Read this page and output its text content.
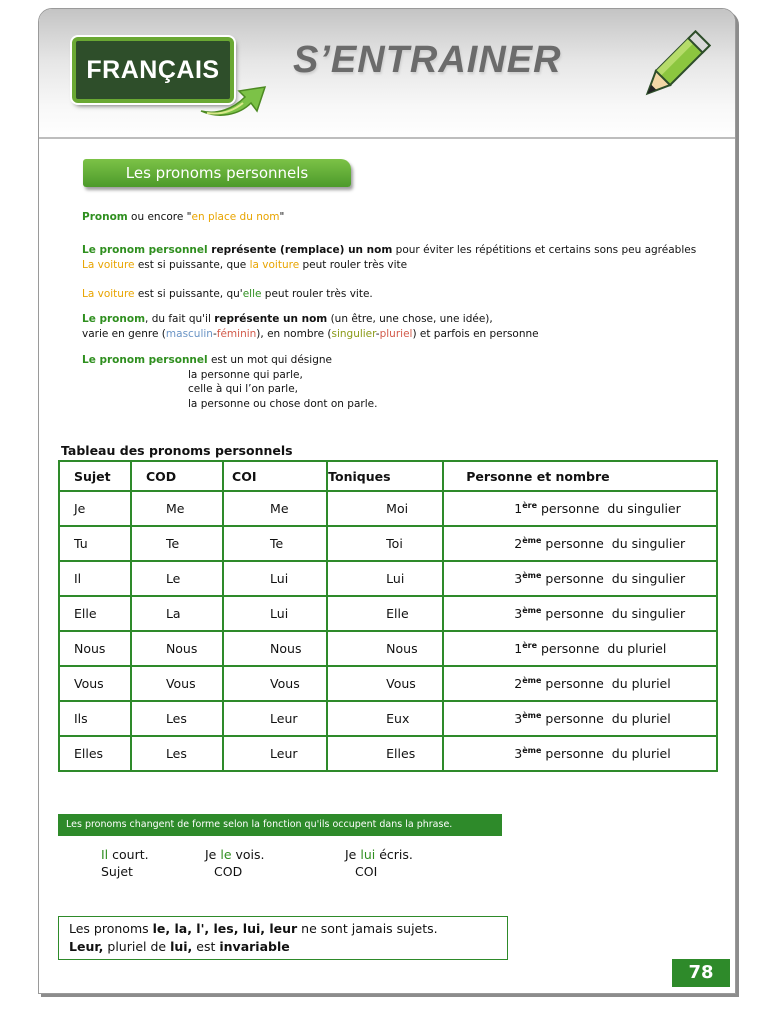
FRANÇAIS S’ENTRAINER
Les pronoms personnels
Pronom ou encore "en place du nom"
Le pronom personnel représente (remplace) un nom pour éviter les répétitions et certains sons peu agréables
La voiture est si puissante, que la voiture peut rouler très vite
La voiture est si puissante, qu'elle peut rouler très vite.
Le pronom, du fait qu'il représente un nom (un être, une chose, une idée),
varie en genre (masculin-féminin), en nombre (singulier-pluriel) et parfois en personne
Le pronom personnel est un mot qui désigne
la personne qui parle,
celle à qui l’on parle,
la personne ou chose dont on parle.
Tableau des pronoms personnels
Sujet	COD	COI	Toniques	Personne et nombre
Je	Me	Me	Moi	1ère personne  du singulier
Tu	Te	Te	Toi	2ème personne  du singulier
Il	Le	Lui	Lui	3ème personne  du singulier
Elle	La	Lui	Elle	3ème personne  du singulier
Nous	Nous	Nous	Nous	1ère personne  du pluriel
Vous	Vous	Vous	Vous	2ème personne  du pluriel
Ils	Les	Leur	Eux	3ème personne  du pluriel
Elles	Les	Leur	Elles	3ème personne  du pluriel
Les pronoms changent de forme selon la fonction qu'ils occupent dans la phrase.
Il court.	Je le vois.	Je lui écris.
Sujet	COD	COI
Les pronoms le, la, l', les, lui, leur ne sont jamais sujets.
Leur, pluriel de lui, est invariable
78
